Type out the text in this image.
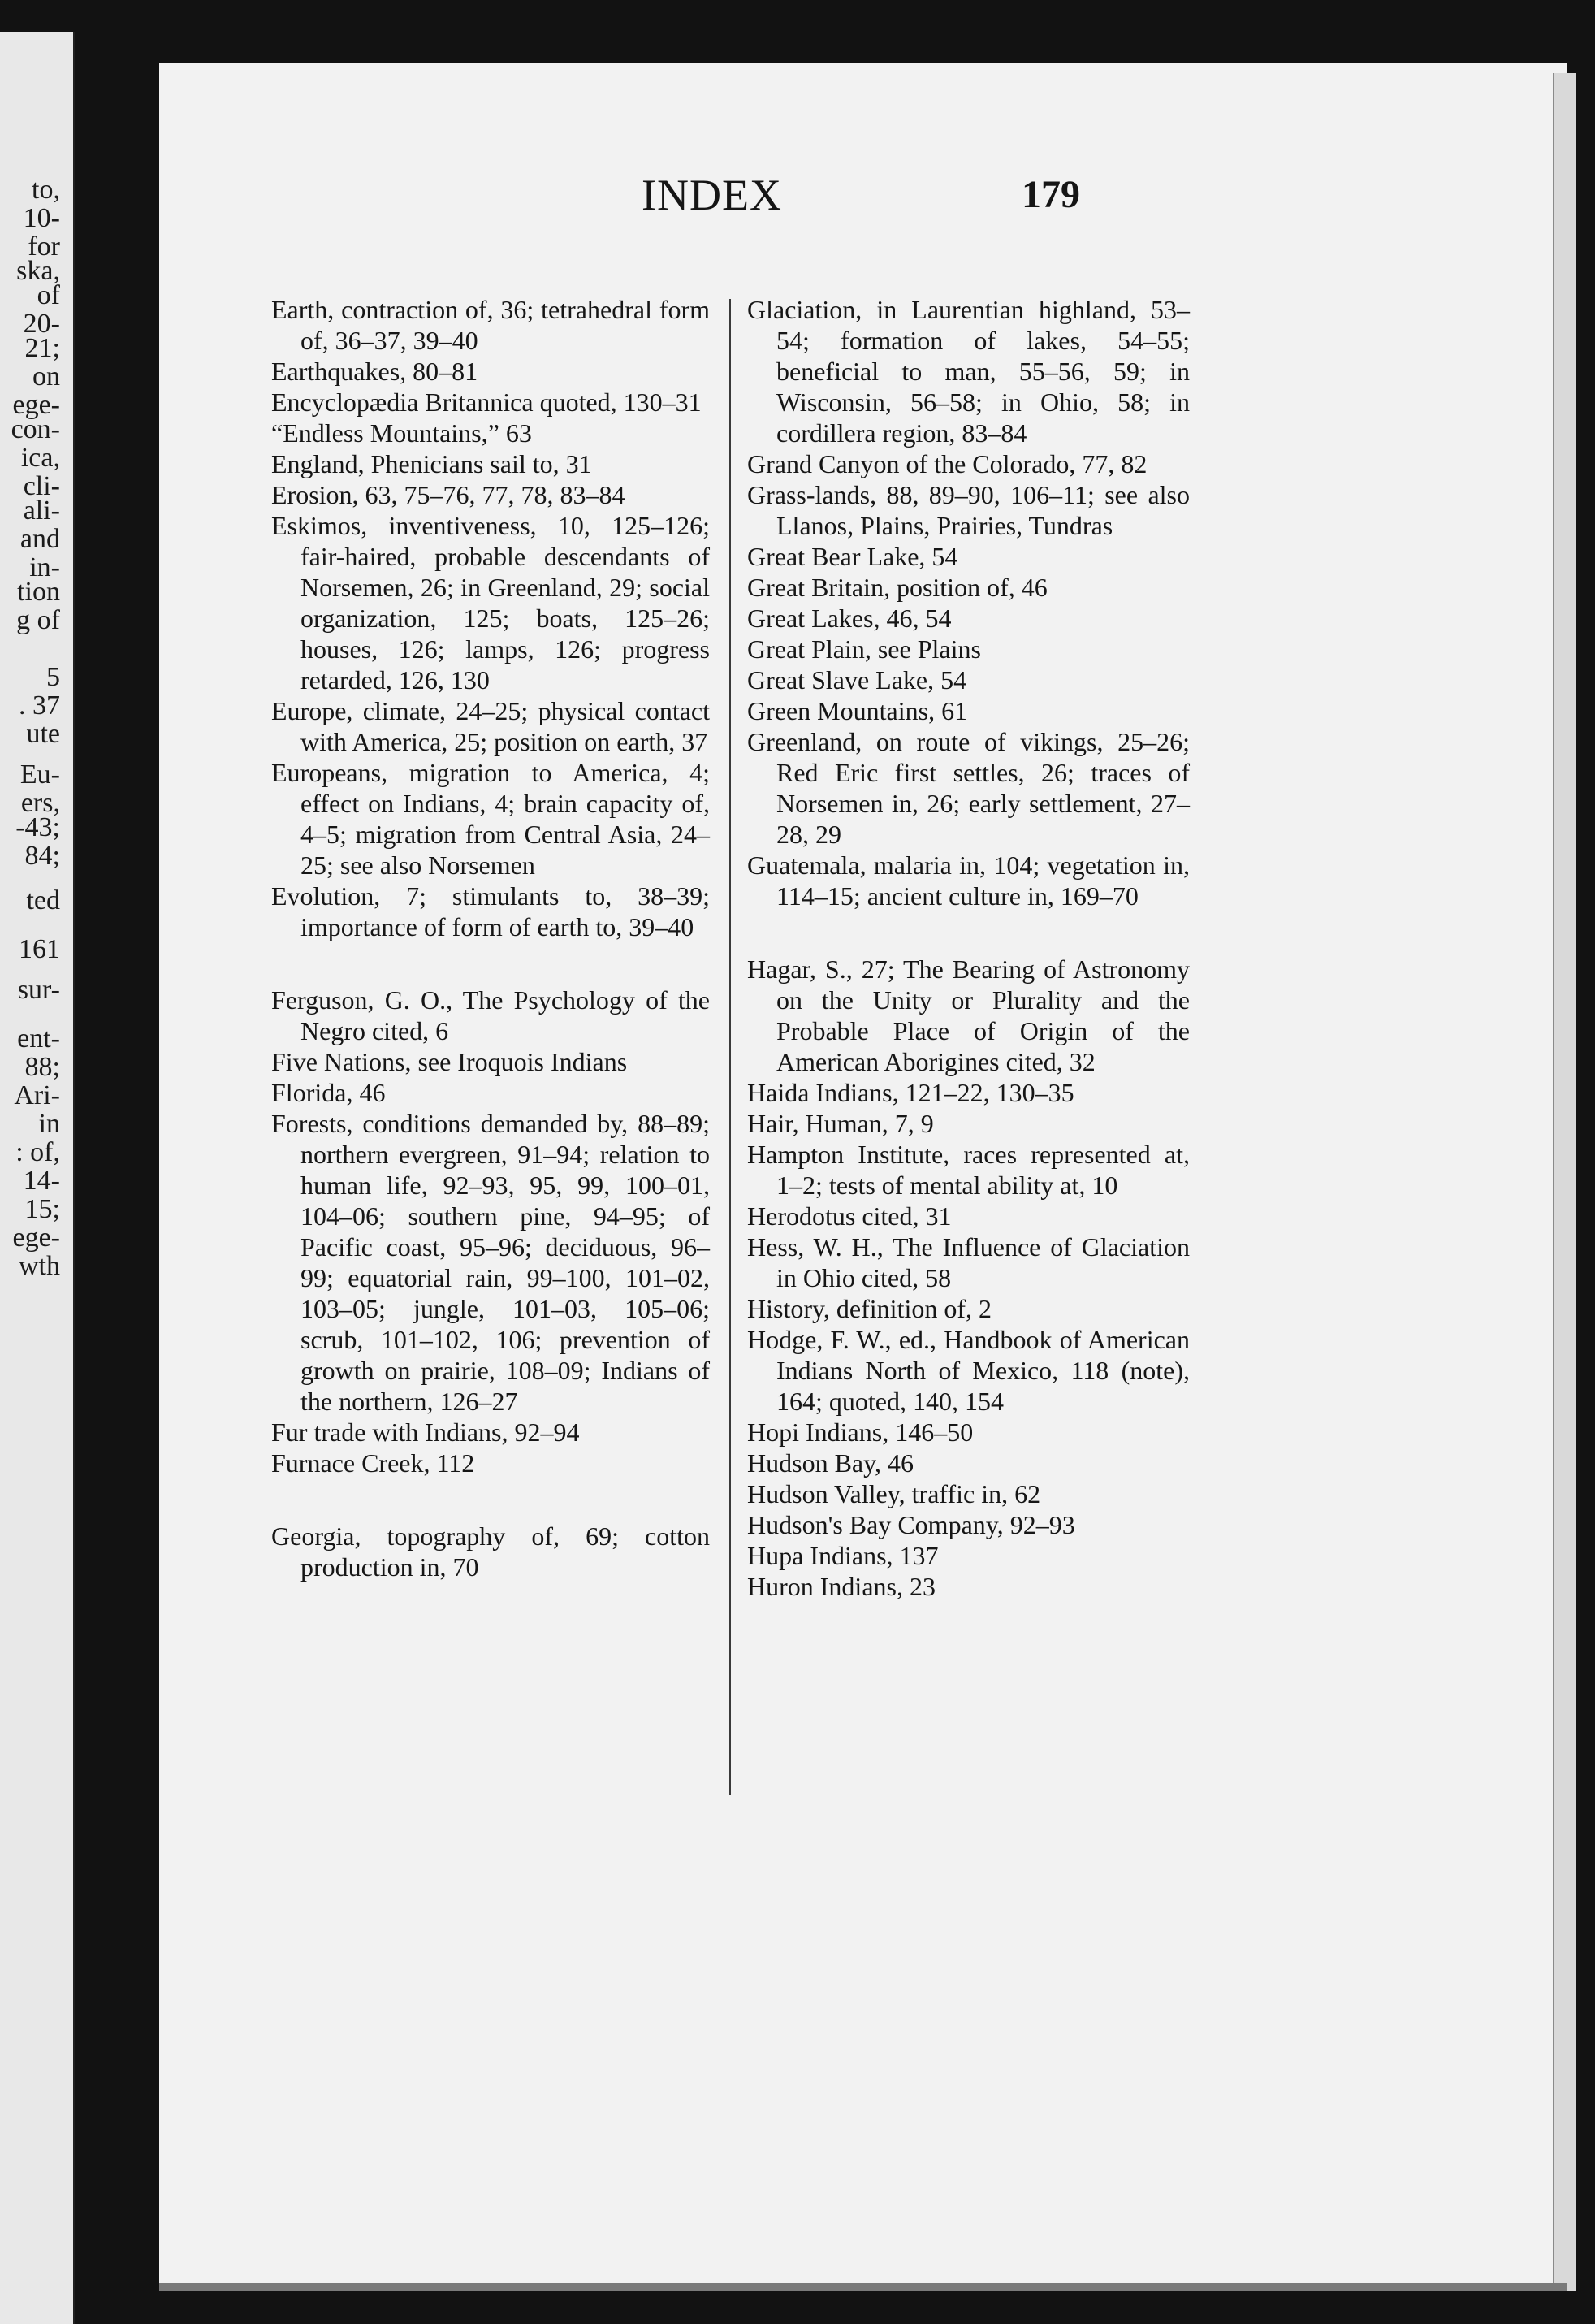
to,
10-
for
ska,
of
20-
21;
on
ege-
con-
ica,
cli-
ali-
and
in-
tion
g of
5
. 37
ute
Eu-
ers,
-43;
84;
ted
161
sur-
ent-
88;
Ari-
in
: of,
14-
15;
ege-
wth
INDEX	179
Earth, contraction of, 36; tetrahedral form of, 36–37, 39–40
Earthquakes, 80–81
Encyclopædia Britannica quoted, 130–31
“Endless Mountains,” 63
England, Phenicians sail to, 31
Erosion, 63, 75–76, 77, 78, 83–84
Eskimos, inventiveness, 10, 125–126; fair-haired, probable descendants of Norsemen, 26; in Greenland, 29; social organization, 125; boats, 125–26; houses, 126; lamps, 126; progress retarded, 126, 130
Europe, climate, 24–25; physical contact with America, 25; position on earth, 37
Europeans, migration to America, 4; effect on Indians, 4; brain capacity of, 4–5; migration from Central Asia, 24–25; see also Norsemen
Evolution, 7; stimulants to, 38–39; importance of form of earth to, 39–40
Ferguson, G. O., The Psychology of the Negro cited, 6
Five Nations, see Iroquois Indians
Florida, 46
Forests, conditions demanded by, 88–89; northern evergreen, 91–94; relation to human life, 92–93, 95, 99, 100–01, 104–06; southern pine, 94–95; of Pacific coast, 95–96; deciduous, 96–99; equatorial rain, 99–100, 101–02, 103–05; jungle, 101–03, 105–06; scrub, 101–102, 106; prevention of growth on prairie, 108–09; Indians of the northern, 126–27
Fur trade with Indians, 92–94
Furnace Creek, 112
Georgia, topography of, 69; cotton production in, 70
Glaciation, in Laurentian highland, 53–54; formation of lakes, 54–55; beneficial to man, 55–56, 59; in Wisconsin, 56–58; in Ohio, 58; in cordillera region, 83–84
Grand Canyon of the Colorado, 77, 82
Grass-lands, 88, 89–90, 106–11; see also Llanos, Plains, Prairies, Tundras
Great Bear Lake, 54
Great Britain, position of, 46
Great Lakes, 46, 54
Great Plain, see Plains
Great Slave Lake, 54
Green Mountains, 61
Greenland, on route of vikings, 25–26; Red Eric first settles, 26; traces of Norsemen in, 26; early settlement, 27–28, 29
Guatemala, malaria in, 104; vegetation in, 114–15; ancient culture in, 169–70
Hagar, S., 27; The Bearing of Astronomy on the Unity or Plurality and the Probable Place of Origin of the American Aborigines cited, 32
Haida Indians, 121–22, 130–35
Hair, Human, 7, 9
Hampton Institute, races represented at, 1–2; tests of mental ability at, 10
Herodotus cited, 31
Hess, W. H., The Influence of Glaciation in Ohio cited, 58
History, definition of, 2
Hodge, F. W., ed., Handbook of American Indians North of Mexico, 118 (note), 164; quoted, 140, 154
Hopi Indians, 146–50
Hudson Bay, 46
Hudson Valley, traffic in, 62
Hudson's Bay Company, 92–93
Hupa Indians, 137
Huron Indians, 23
